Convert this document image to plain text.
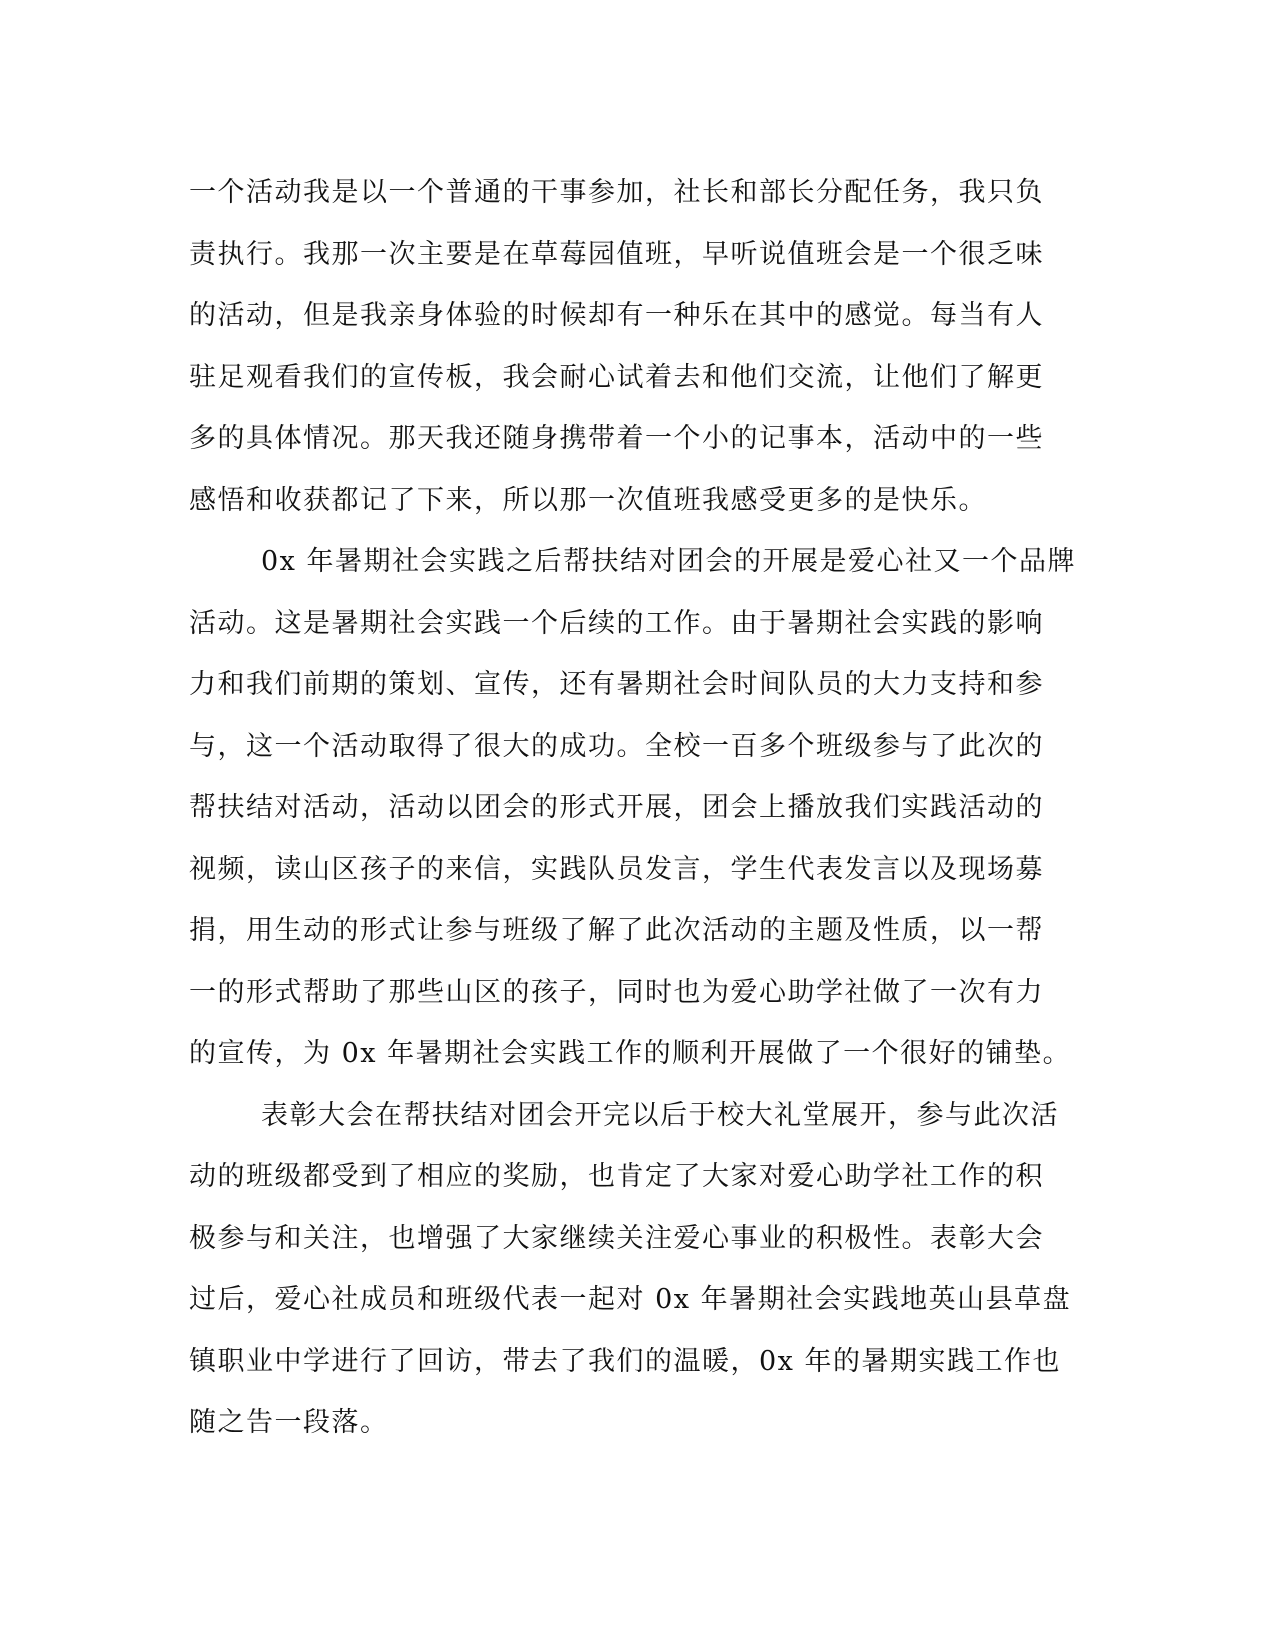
一个活动我是以一个普通的干事参加，社长和部长分配任务，我只负
责执行。我那一次主要是在草莓园值班，早听说值班会是一个很乏味
的活动，但是我亲身体验的时候却有一种乐在其中的感觉。每当有人
驻足观看我们的宣传板，我会耐心试着去和他们交流，让他们了解更
多的具体情况。那天我还随身携带着一个小的记事本，活动中的一些
感悟和收获都记了下来，所以那一次值班我感受更多的是快乐。
0x 年暑期社会实践之后帮扶结对团会的开展是爱心社又一个品牌
活动。这是暑期社会实践一个后续的工作。由于暑期社会实践的影响
力和我们前期的策划、宣传，还有暑期社会时间队员的大力支持和参
与，这一个活动取得了很大的成功。全校一百多个班级参与了此次的
帮扶结对活动，活动以团会的形式开展，团会上播放我们实践活动的
视频，读山区孩子的来信，实践队员发言，学生代表发言以及现场募
捐，用生动的形式让参与班级了解了此次活动的主题及性质，以一帮
一的形式帮助了那些山区的孩子，同时也为爱心助学社做了一次有力
的宣传，为 0x 年暑期社会实践工作的顺利开展做了一个很好的铺垫。
表彰大会在帮扶结对团会开完以后于校大礼堂展开，参与此次活
动的班级都受到了相应的奖励，也肯定了大家对爱心助学社工作的积
极参与和关注，也增强了大家继续关注爱心事业的积极性。表彰大会
过后，爱心社成员和班级代表一起对 0x 年暑期社会实践地英山县草盘
镇职业中学进行了回访，带去了我们的温暖，0x 年的暑期实践工作也
随之告一段落。
